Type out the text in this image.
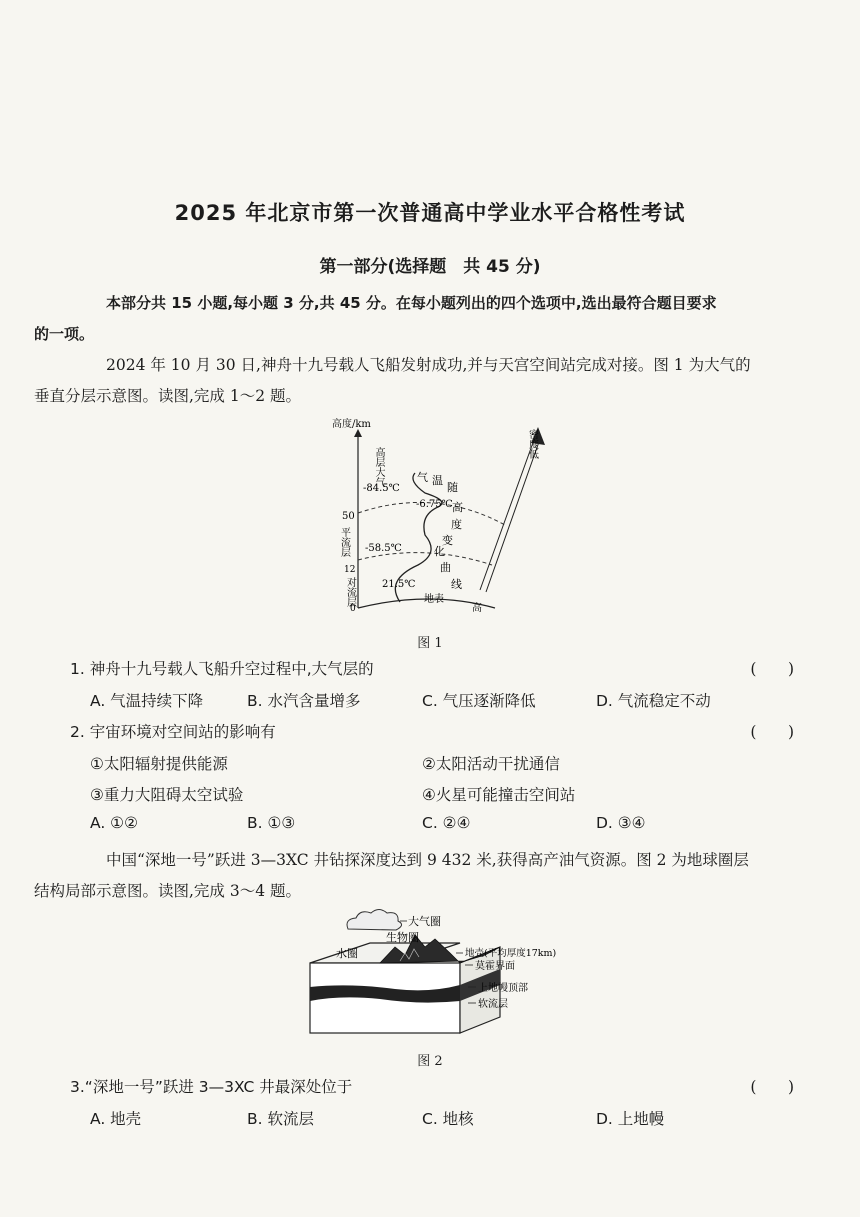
2025 年北京市第一次普通高中学业水平合格性考试
第一部分(选择题　共 45 分)
本部分共 15 小题,每小题 3 分,共 45 分。在每小题列出的四个选项中,选出最符合题目要求
的一项。
2024 年 10 月 30 日,神舟十九号载人飞船发射成功,并与天宫空间站完成对接。图 1 为大气的
垂直分层示意图。读图,完成 1～2 题。
高度/km
高层大气
平流层
对流层
50
12
0
-84.5℃
-6.75℃
-58.5℃
21.5℃
气 温
随
高
度
变
化
曲
线
地表
密度低
高
图 1
1. 神舟十九号载人飞船升空过程中,大气层的	(　)
A. 气温持续下降	B. 水汽含量增多	C. 气压逐渐降低	D. 气流稳定不动
2. 宇宙环境对空间站的影响有	(　)
①太阳辐射提供能源	②太阳活动干扰通信
③重力大阻碍太空试验	④火星可能撞击空间站
A. ①②	B. ①③	C. ②④	D. ③④
中国“深地一号”跃进 3—3XC 井钻探深度达到 9 432 米,获得高产油气资源。图 2 为地球圈层
结构局部示意图。读图,完成 3～4 题。
大气圈
生物圈
水圈	地壳(平均厚度17km)
莫霍界面
上地幔顶部
软流层
图 2
3.“深地一号”跃进 3—3XC 井最深处位于	(　)
A. 地壳	B. 软流层	C. 地核	D. 上地幔
